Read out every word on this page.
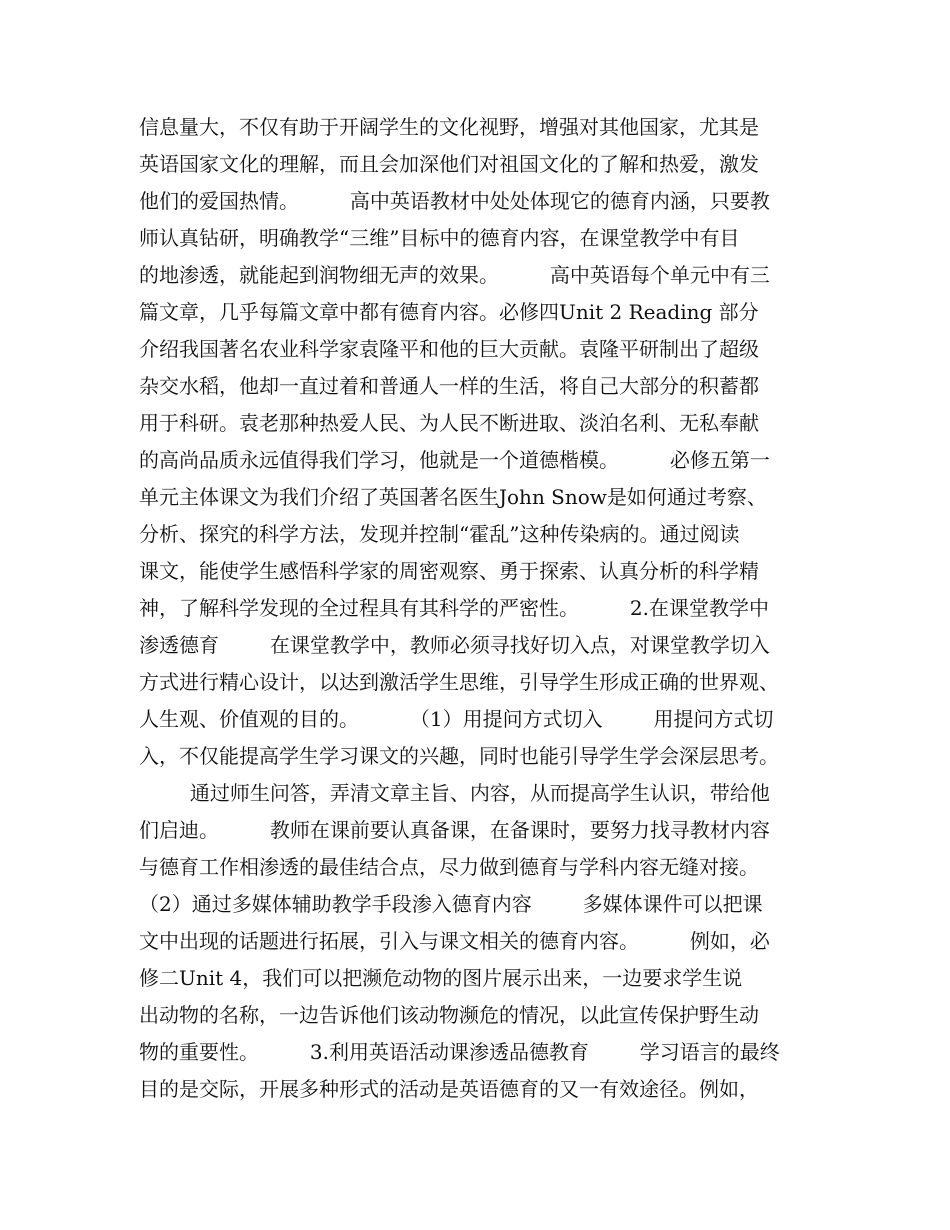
信息量大，不仅有助于开阔学生的文化视野，增强对其他国家，尤其是
英语国家文化的理解，而且会加深他们对祖国文化的了解和热爱，激发
他们的爱国热情。        高中英语教材中处处体现它的德育内涵，只要教
师认真钻研，明确教学“三维”目标中的德育内容，在课堂教学中有目
的地渗透，就能起到润物细无声的效果。        高中英语每个单元中有三
篇文章，几乎每篇文章中都有德育内容。必修四Unit 2 Reading 部分
介绍我国著名农业科学家袁隆平和他的巨大贡献。袁隆平研制出了超级
杂交水稻，他却一直过着和普通人一样的生活，将自己大部分的积蓄都
用于科研。袁老那种热爱人民、为人民不断进取、淡泊名利、无私奉献
的高尚品质永远值得我们学习，他就是一个道德楷模。        必修五第一
单元主体课文为我们介绍了英国著名医生John Snow是如何通过考察、
分析、探究的科学方法，发现并控制“霍乱”这种传染病的。通过阅读
课文，能使学生感悟科学家的周密观察、勇于探索、认真分析的科学精
神，了解科学发现的全过程具有其科学的严密性。        2.在课堂教学中
渗透德育        在课堂教学中，教师必须寻找好切入点，对课堂教学切入
方式进行精心设计，以达到激活学生思维，引导学生形成正确的世界观、
人生观、价值观的目的。        （1）用提问方式切入        用提问方式切
入，不仅能提高学生学习课文的兴趣，同时也能引导学生学会深层思考。
通过师生问答，弄清文章主旨、内容，从而提高学生认识，带给他
们启迪。        教师在课前要认真备课，在备课时，要努力找寻教材内容
与德育工作相渗透的最佳结合点，尽力做到德育与学科内容无缝对接。
（2）通过多媒体辅助教学手段渗入德育内容        多媒体课件可以把课
文中出现的话题进行拓展，引入与课文相关的德育内容。        例如，必
修二Unit 4，我们可以把濒危动物的图片展示出来，一边要求学生说
出动物的名称，一边告诉他们该动物濒危的情况，以此宣传保护野生动
物的重要性。        3.利用英语活动课渗透品德教育        学习语言的最终
目的是交际，开展多种形式的活动是英语德育的又一有效途径。例如，
